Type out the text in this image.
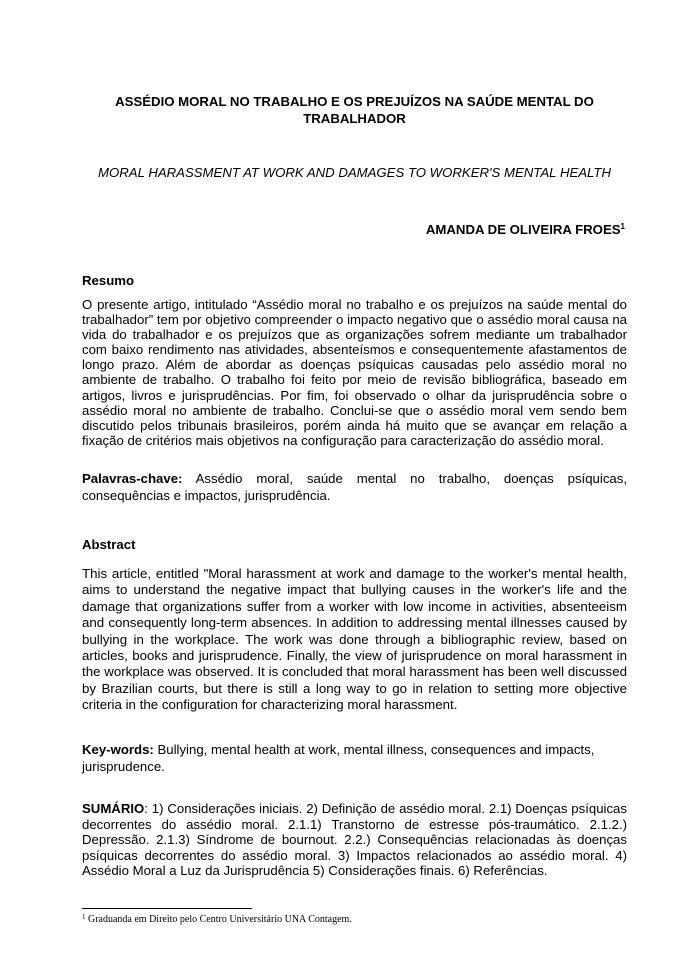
ASSÉDIO MORAL NO TRABALHO E OS PREJUÍZOS NA SAÚDE MENTAL DO TRABALHADOR
MORAL HARASSMENT AT WORK AND DAMAGES TO WORKER'S MENTAL HEALTH
AMANDA DE OLIVEIRA FROES$^1$
Resumo
O presente artigo, intitulado “Assédio moral no trabalho e os prejuízos na saúde mental do trabalhador” tem por objetivo compreender o impacto negativo que o assédio moral causa na vida do trabalhador e os prejuízos que as organizações sofrem mediante um trabalhador com baixo rendimento nas atividades, absenteísmos e consequentemente afastamentos de longo prazo. Além de abordar as doenças psíquicas causadas pelo assédio moral no ambiente de trabalho. O trabalho foi feito por meio de revisão bibliográfica, baseado em artigos, livros e jurisprudências. Por fim, foi observado o olhar da jurisprudência sobre o assédio moral no ambiente de trabalho. Conclui-se que o assédio moral vem sendo bem discutido pelos tribunais brasileiros, porém ainda há muito que se avançar em relação a fixação de critérios mais objetivos na configuração para caracterização do assédio moral.
Palavras-chave: Assédio moral, saúde mental no trabalho, doenças psíquicas, consequências e impactos, jurisprudência.
Abstract
This article, entitled "Moral harassment at work and damage to the worker's mental health, aims to understand the negative impact that bullying causes in the worker's life and the damage that organizations suffer from a worker with low income in activities, absenteeism and consequently long-term absences. In addition to addressing mental illnesses caused by bullying in the workplace. The work was done through a bibliographic review, based on articles, books and jurisprudence. Finally, the view of jurisprudence on moral harassment in the workplace was observed. It is concluded that moral harassment has been well discussed by Brazilian courts, but there is still a long way to go in relation to setting more objective criteria in the configuration for characterizing moral harassment.
Key-words: Bullying, mental health at work, mental illness, consequences and impacts, jurisprudence.
SUMÁRIO: 1) Considerações iniciais. 2) Definição de assédio moral. 2.1) Doenças psíquicas decorrentes do assédio moral. 2.1.1) Transtorno de estresse pós-traumático. 2.1.2.) Depressão. 2.1.3) Síndrome de bournout. 2.2.) Consequências relacionadas às doenças psíquicas decorrentes do assédio moral. 3) Impactos relacionados ao assédio moral. 4) Assédio Moral a Luz da Jurisprudência 5) Considerações finais. 6) Referências.
$^1$ Graduanda em Direito pelo Centro Universitário UNA Contagem.
